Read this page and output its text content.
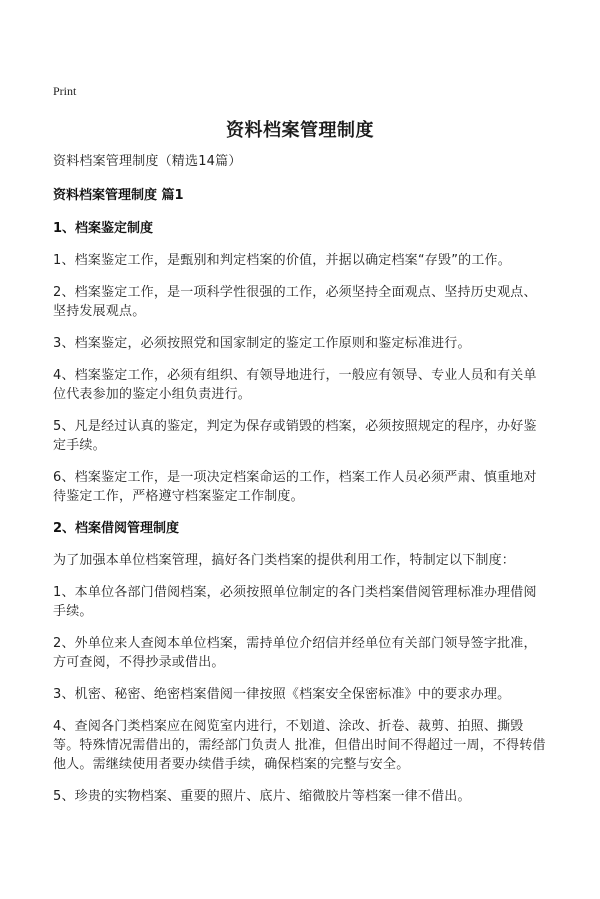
Print
资料档案管理制度
资料档案管理制度（精选14篇）
资料档案管理制度 篇1
1、档案鉴定制度
1、档案鉴定工作，是甄别和判定档案的价值，并据以确定档案“存毁”的工作。
2、档案鉴定工作，是一项科学性很强的工作，必须坚持全面观点、坚持历史观点、坚持发展观点。
3、档案鉴定，必须按照党和国家制定的鉴定工作原则和鉴定标准进行。
4、档案鉴定工作，必须有组织、有领导地进行，一般应有领导、专业人员和有关单位代表参加的鉴定小组负责进行。
5、凡是经过认真的鉴定，判定为保存或销毁的档案，必须按照规定的程序，办好鉴定手续。
6、档案鉴定工作，是一项决定档案命运的工作，档案工作人员必须严肃、慎重地对待鉴定工作，严格遵守档案鉴定工作制度。
2、档案借阅管理制度
为了加强本单位档案管理，搞好各门类档案的提供利用工作，特制定以下制度：
1、本单位各部门借阅档案，必须按照单位制定的各门类档案借阅管理标准办理借阅手续。
2、外单位来人查阅本单位档案，需持单位介绍信并经单位有关部门领导签字批准，方可查阅，不得抄录或借出。
3、机密、秘密、绝密档案借阅一律按照《档案安全保密标准》中的要求办理。
4、查阅各门类档案应在阅览室内进行，不划道、涂改、折卷、裁剪、拍照、撕毁等。特殊情况需借出的，需经部门负责人 批准，但借出时间不得超过一周，不得转借他人。需继续使用者要办续借手续，确保档案的完整与安全。
5、珍贵的实物档案、重要的照片、底片、缩微胶片等档案一律不借出。
